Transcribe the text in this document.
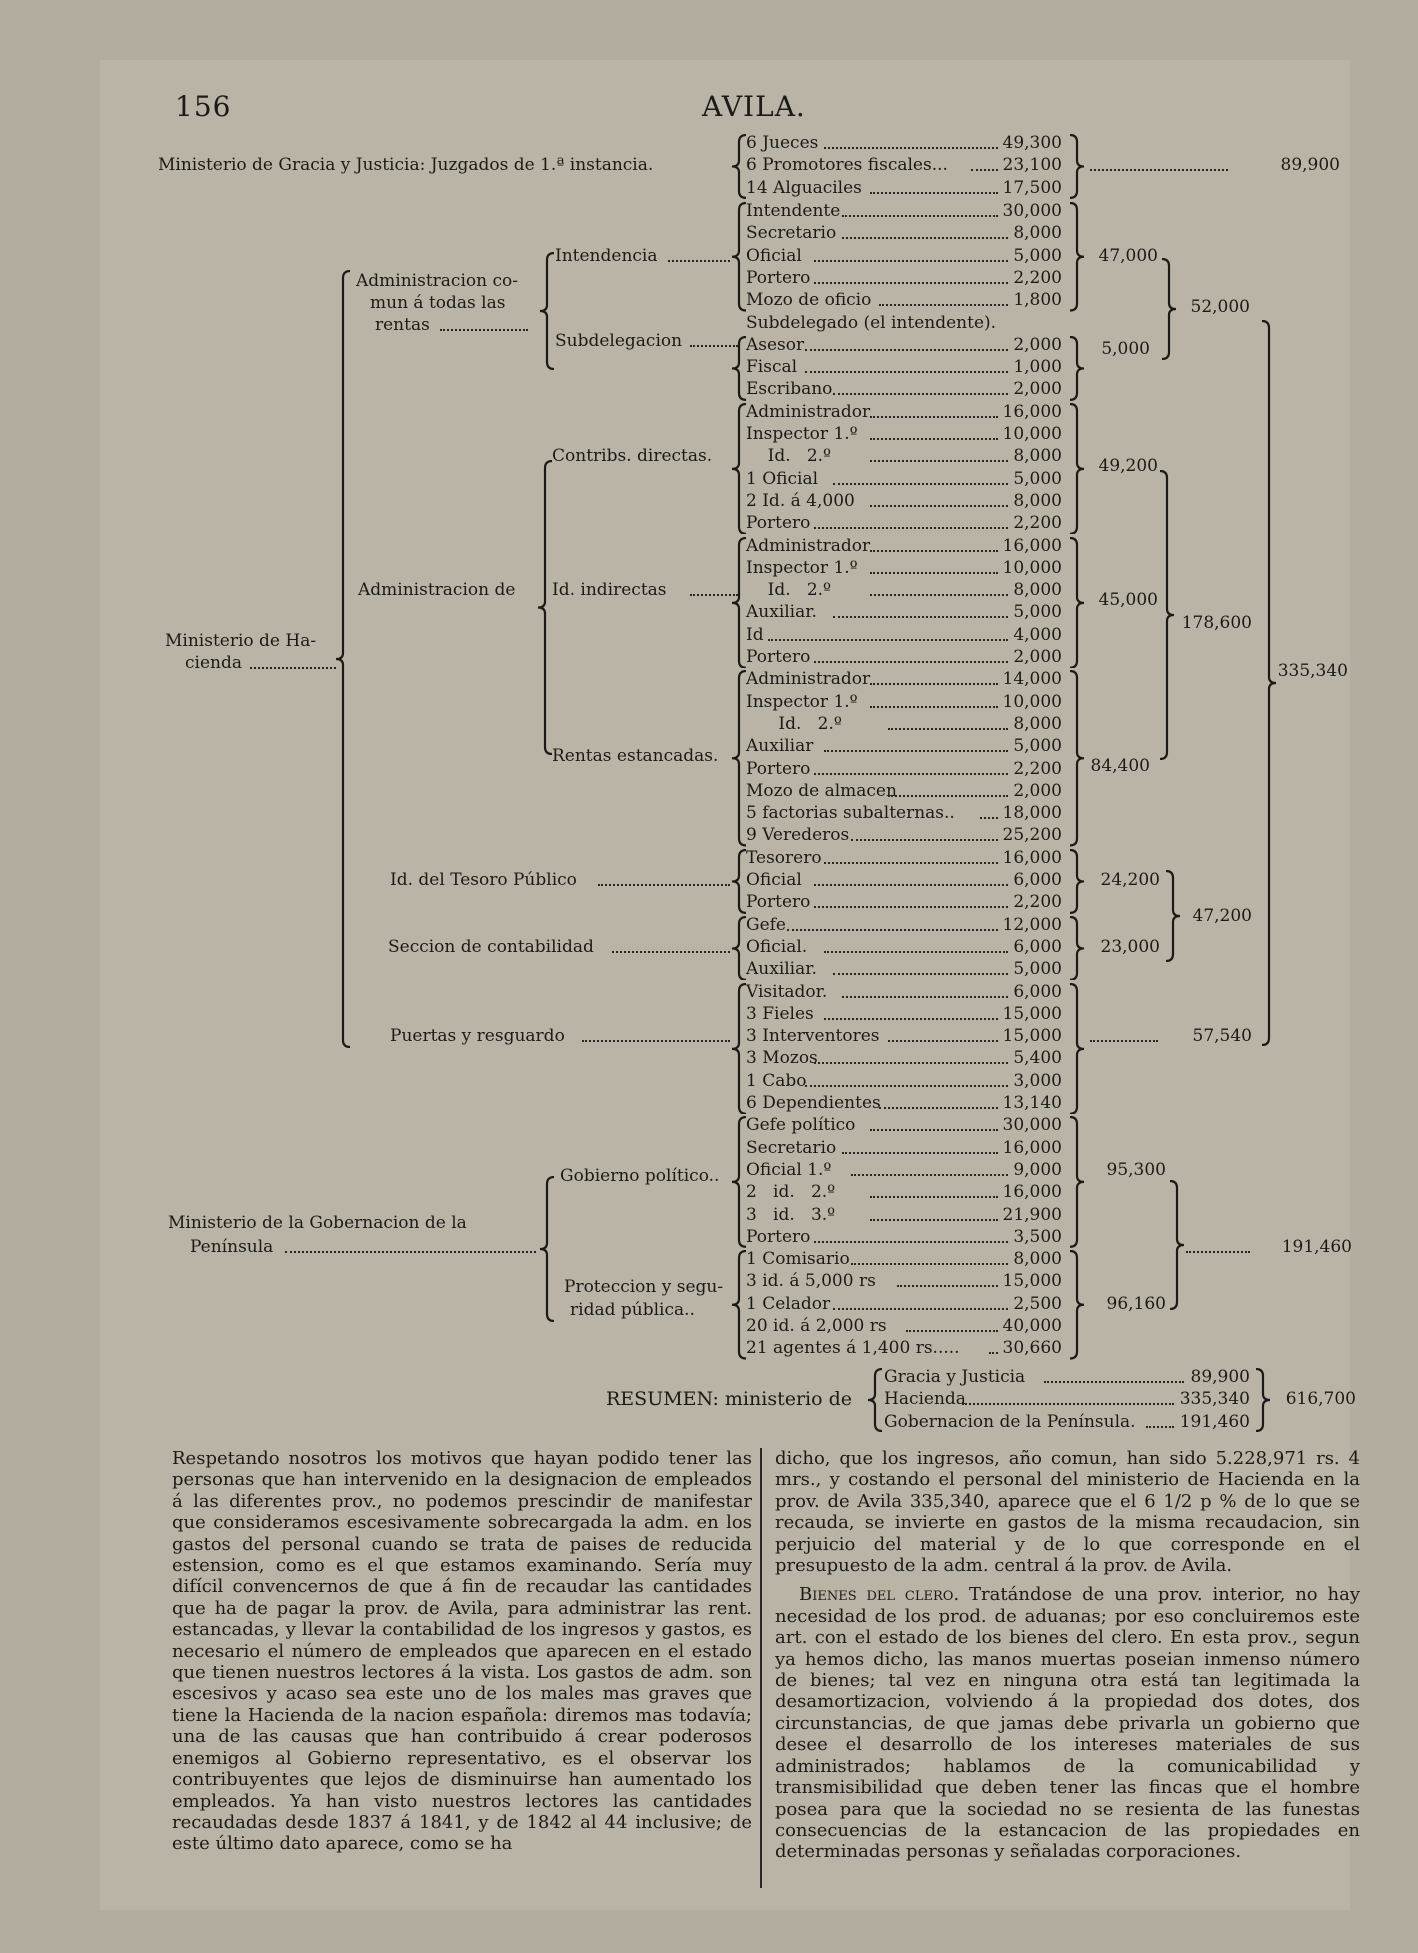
156	AVILA.
RESUMEN: ministerio de

Respetando nosotros los motivos que hayan podido tener las personas que han intervenido en la designacion de empleados á las diferentes prov., no podemos prescindir de manifestar que consideramos escesivamente sobrecargada la adm. en los gastos del personal cuando se trata de paises de reducida estension, como es el que estamos examinando. Sería muy difícil convencernos de que á fin de recaudar las cantidades que ha de pagar la prov. de Avila, para administrar las rent. estancadas, y llevar la contabilidad de los ingresos y gastos, es necesario el número de empleados que aparecen en el estado que tienen nuestros lectores á la vista. Los gastos de adm. son escesivos y acaso sea este uno de los males mas graves que tiene la Hacienda de la nacion española: diremos mas todavía; una de las causas que han contribuido á crear poderosos enemigos al Gobierno representativo, es el observar los contribuyentes que lejos de disminuirse han aumentado los empleados. Ya han visto nuestros lectores las cantidades recaudadas desde 1837 á 1841, y de 1842 al 44 inclusive; de este último dato aparece, como se ha

dicho, que los ingresos, año comun, han sido 5.228,971 rs. 4 mrs., y costando el personal del ministerio de Hacienda en la prov. de Avila 335,340, aparece que el 6 1/2 p % de lo que se recauda, se invierte en gastos de la misma recaudacion, sin perjuicio del material y de lo que corresponde en el presupuesto de la adm. central á la prov. de Avila.

Bienes del clero. Tratándose de una prov. interior, no hay necesidad de los prod. de aduanas; por eso concluiremos este art. con el estado de los bienes del clero. En esta prov., segun ya hemos dicho, las manos muertas poseian inmenso número de bienes; tal vez en ninguna otra está tan legitimada la desamortizacion, volviendo á la propiedad dos dotes, dos circunstancias, de que jamas debe privarla un gobierno que desee el desarrollo de los intereses materiales de sus administrados; hablamos de la comunicabilidad y transmisibilidad que deben tener las fincas que el hombre posea para que la sociedad no se resienta de las funestas consecuencias de la estancacion de las propiedades en determinadas personas y señaladas corporaciones.

Ministerio de Gracia y Justicia: Juzgados de 1.ª instancia.
6 Jueces	49,300
6 Promotores fiscales...	23,100
14 Alguaciles	17,500
89,900
Intendente	30,000
Secretario	8,000
Oficial	5,000
Portero	2,200
Mozo de oficio	1,800
Intendencia	47,000
Subdelegado (el intendente).
Asesor	2,000
Fiscal	1,000
Escribano	2,000
Subdelegacion	5,000
52,000
Administracion co-
mun á todas las
rentas
Administrador	16,000
Inspector 1.º	10,000
Id.   2.º	8,000
1 Oficial	5,000
2 Id. á 4,000	8,000
Portero	2,200
Contribs. directas.	49,200
Administrador	16,000
Inspector 1.º	10,000
Id.   2.º	8,000
Auxiliar.	5,000
Id	4,000
Portero	2,000
Id. indirectas	45,000
Administracion de
Administrador	14,000
Inspector 1.º	10,000
Id.   2.º	8,000
Auxiliar	5,000
Portero	2,200
Mozo de almacen	2,000
5 factorias subalternas..	18,000
9 Verederos	25,200
Rentas estancadas.	84,400
178,600
Tesorero	16,000
Oficial	6,000
Portero	2,200
Id. del Tesoro Público	24,200
Gefe	12,000
Oficial.	6,000
Auxiliar.	5,000
Seccion de contabilidad	23,000
47,200
Visitador.	6,000
3 Fieles	15,000
3 Interventores	15,000
3 Mozos	5,400
1 Cabo	3,000
6 Dependientes	13,140
Puertas y resguardo	57,540
335,340
Ministerio de Ha-
cienda
Gefe político	30,000
Secretario	16,000
Oficial 1.º	9,000
2   id.   2.º	16,000
3   id.   3.º	21,900
Portero	3,500
Gobierno político..	95,300
1 Comisario	8,000
3 id. á 5,000 rs	15,000
1 Celador	2,500
20 id. á 2,000 rs	40,000
21 agentes á 1,400 rs.....	30,660
Proteccion y segu-
ridad pública..	96,160
191,460
Ministerio de la Gobernacion de la
Península
Gracia y Justicia	89,900
Hacienda	335,340
Gobernacion de la Península.	191,460
616,700
